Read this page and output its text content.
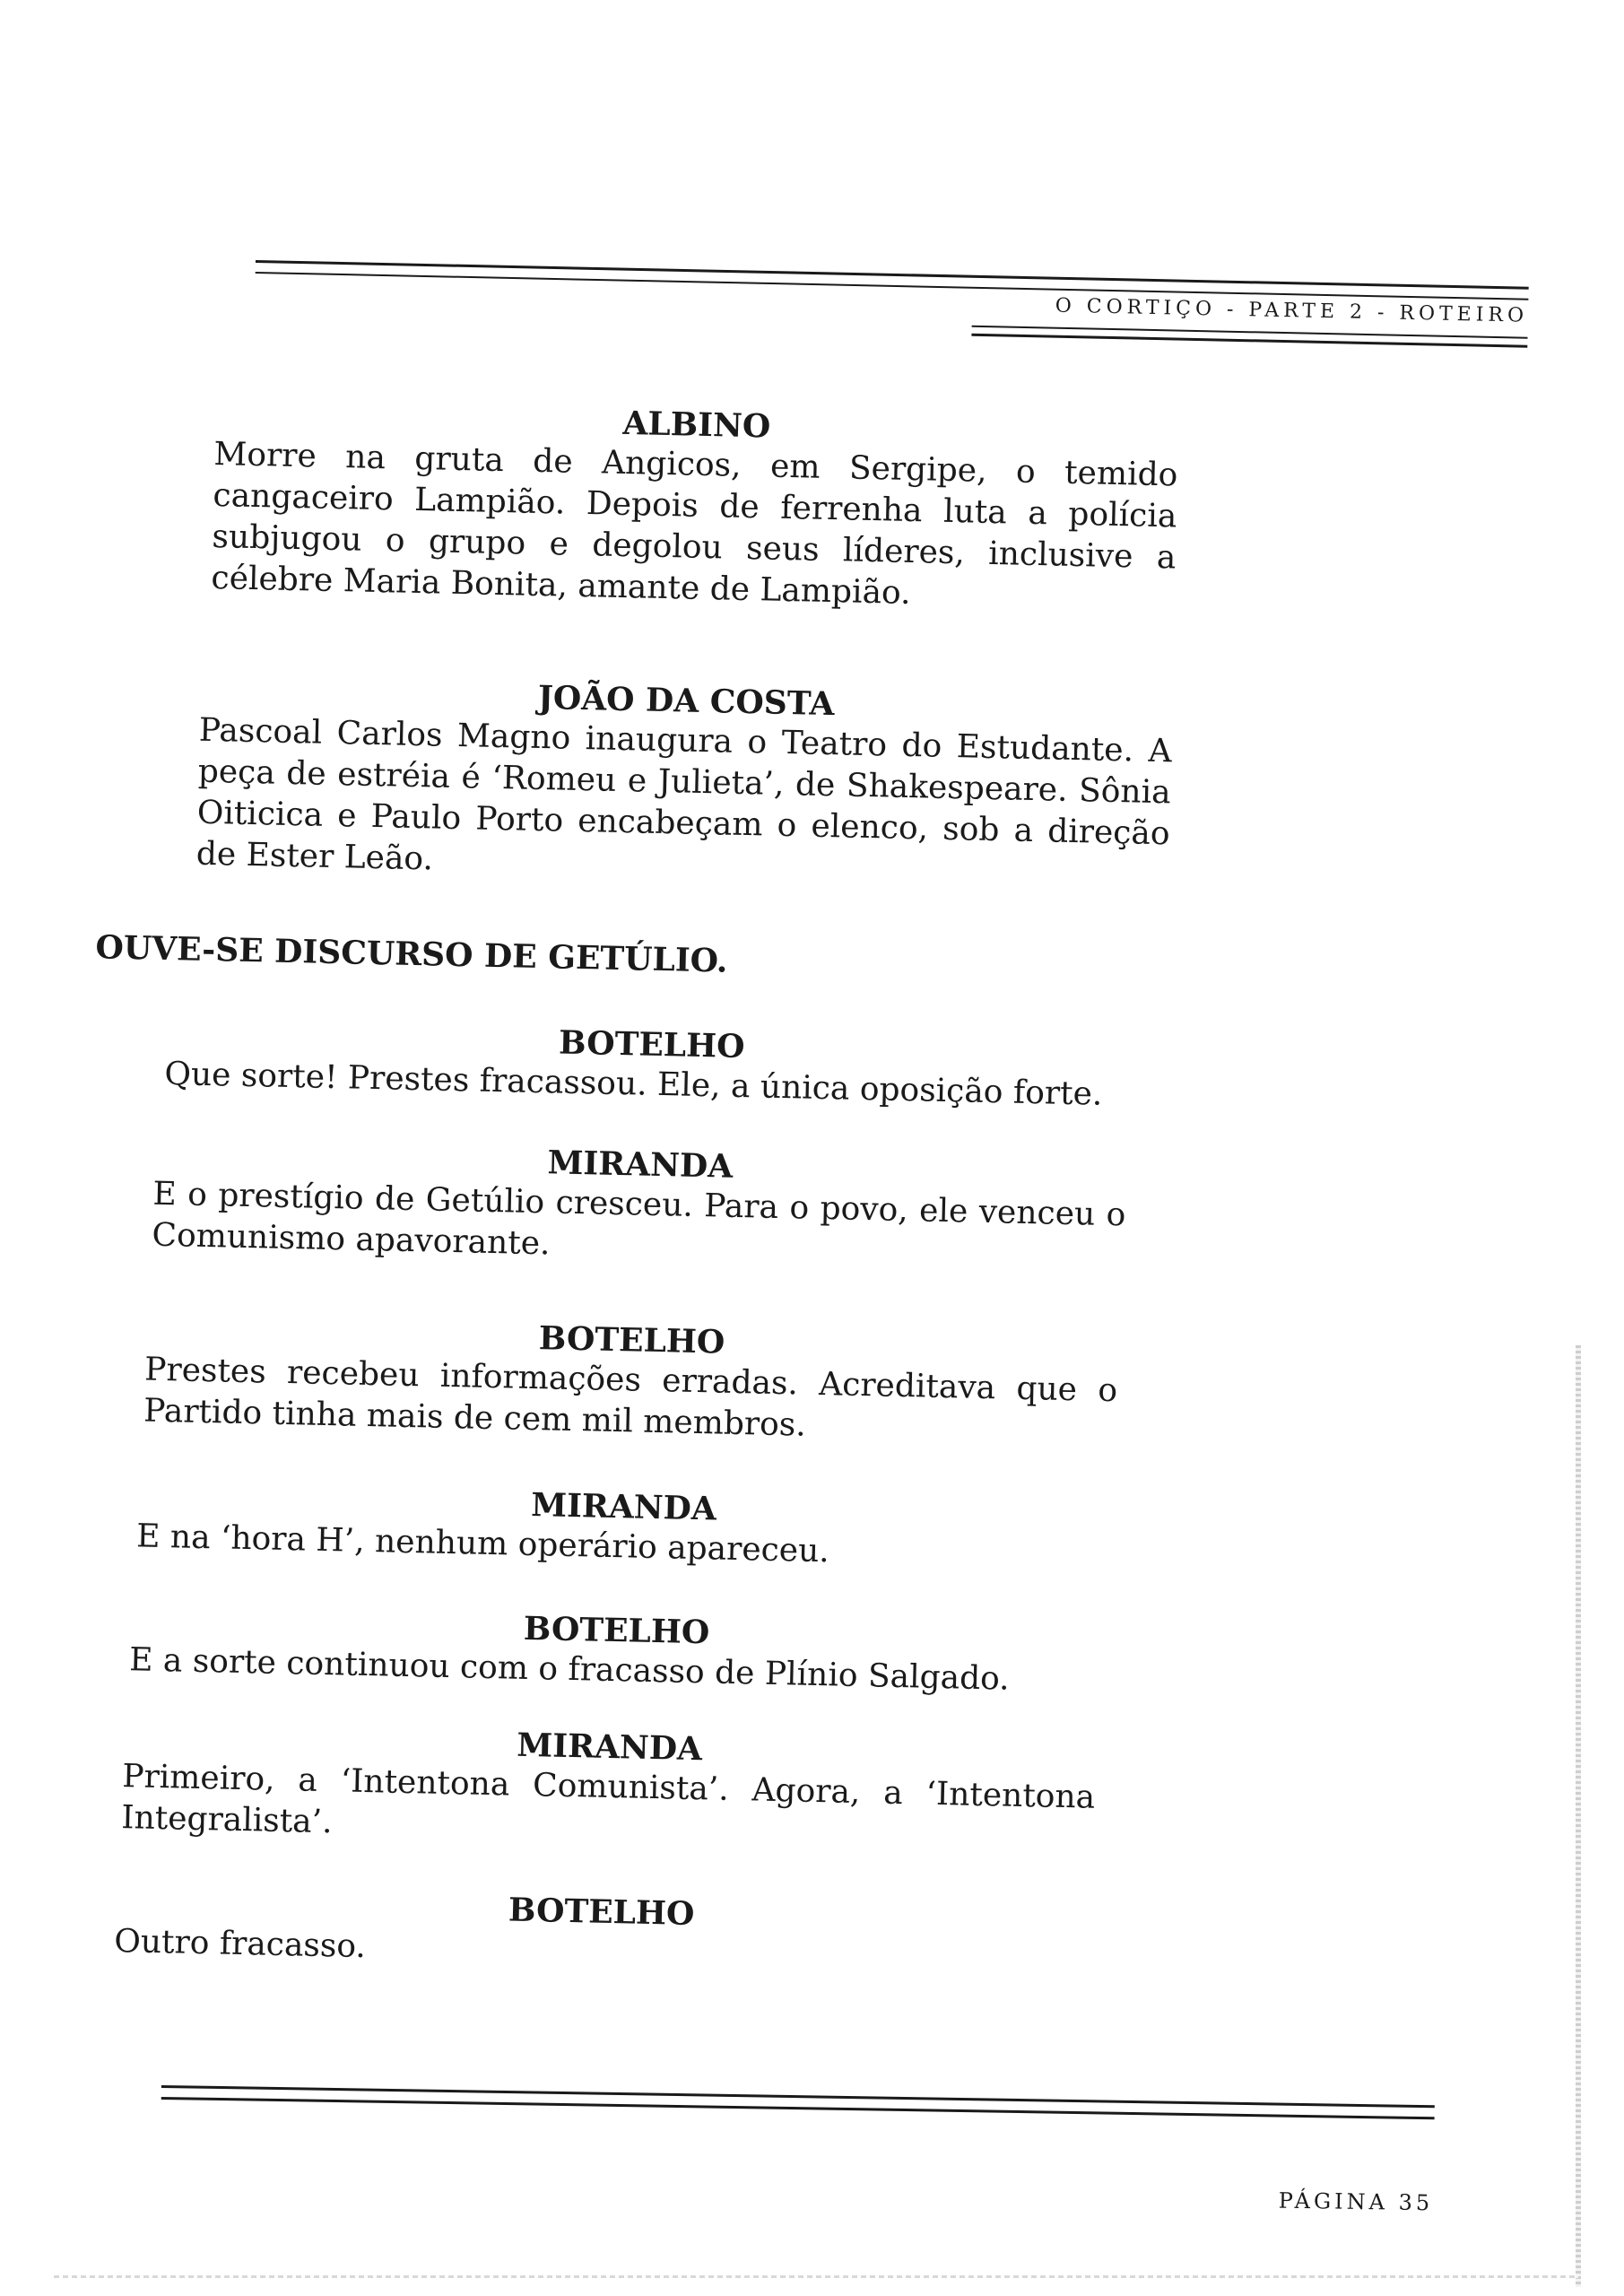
O CORTIÇO - PARTE 2 - ROTEIRO
ALBINO
Morre na gruta de Angicos, em Sergipe, o temido cangaceiro Lampião. Depois de ferrenha luta a polícia subjugou o grupo e degolou seus líderes, inclusive a célebre Maria Bonita, amante de Lampião.
JOÃO DA COSTA
Pascoal Carlos Magno inaugura o Teatro do Estudante. A peça de estréia é ‘Romeu e Julieta’, de Shakespeare. Sônia Oiticica e Paulo Porto encabeçam o elenco, sob a direção de Ester Leão.
OUVE-SE DISCURSO DE GETÚLIO.
BOTELHO
Que sorte! Prestes fracassou. Ele, a única oposição forte.
MIRANDA
E o prestígio de Getúlio cresceu. Para o povo, ele venceu o Comunismo apavorante.
BOTELHO
Prestes recebeu informações erradas. Acreditava que o Partido tinha mais de cem mil membros.
MIRANDA
E na ‘hora H’, nenhum operário apareceu.
BOTELHO
E a sorte continuou com o fracasso de Plínio Salgado.
MIRANDA
Primeiro, a ‘Intentona Comunista’. Agora, a ‘Intentona Integralista’.
BOTELHO
Outro fracasso.
PÁGINA 35
